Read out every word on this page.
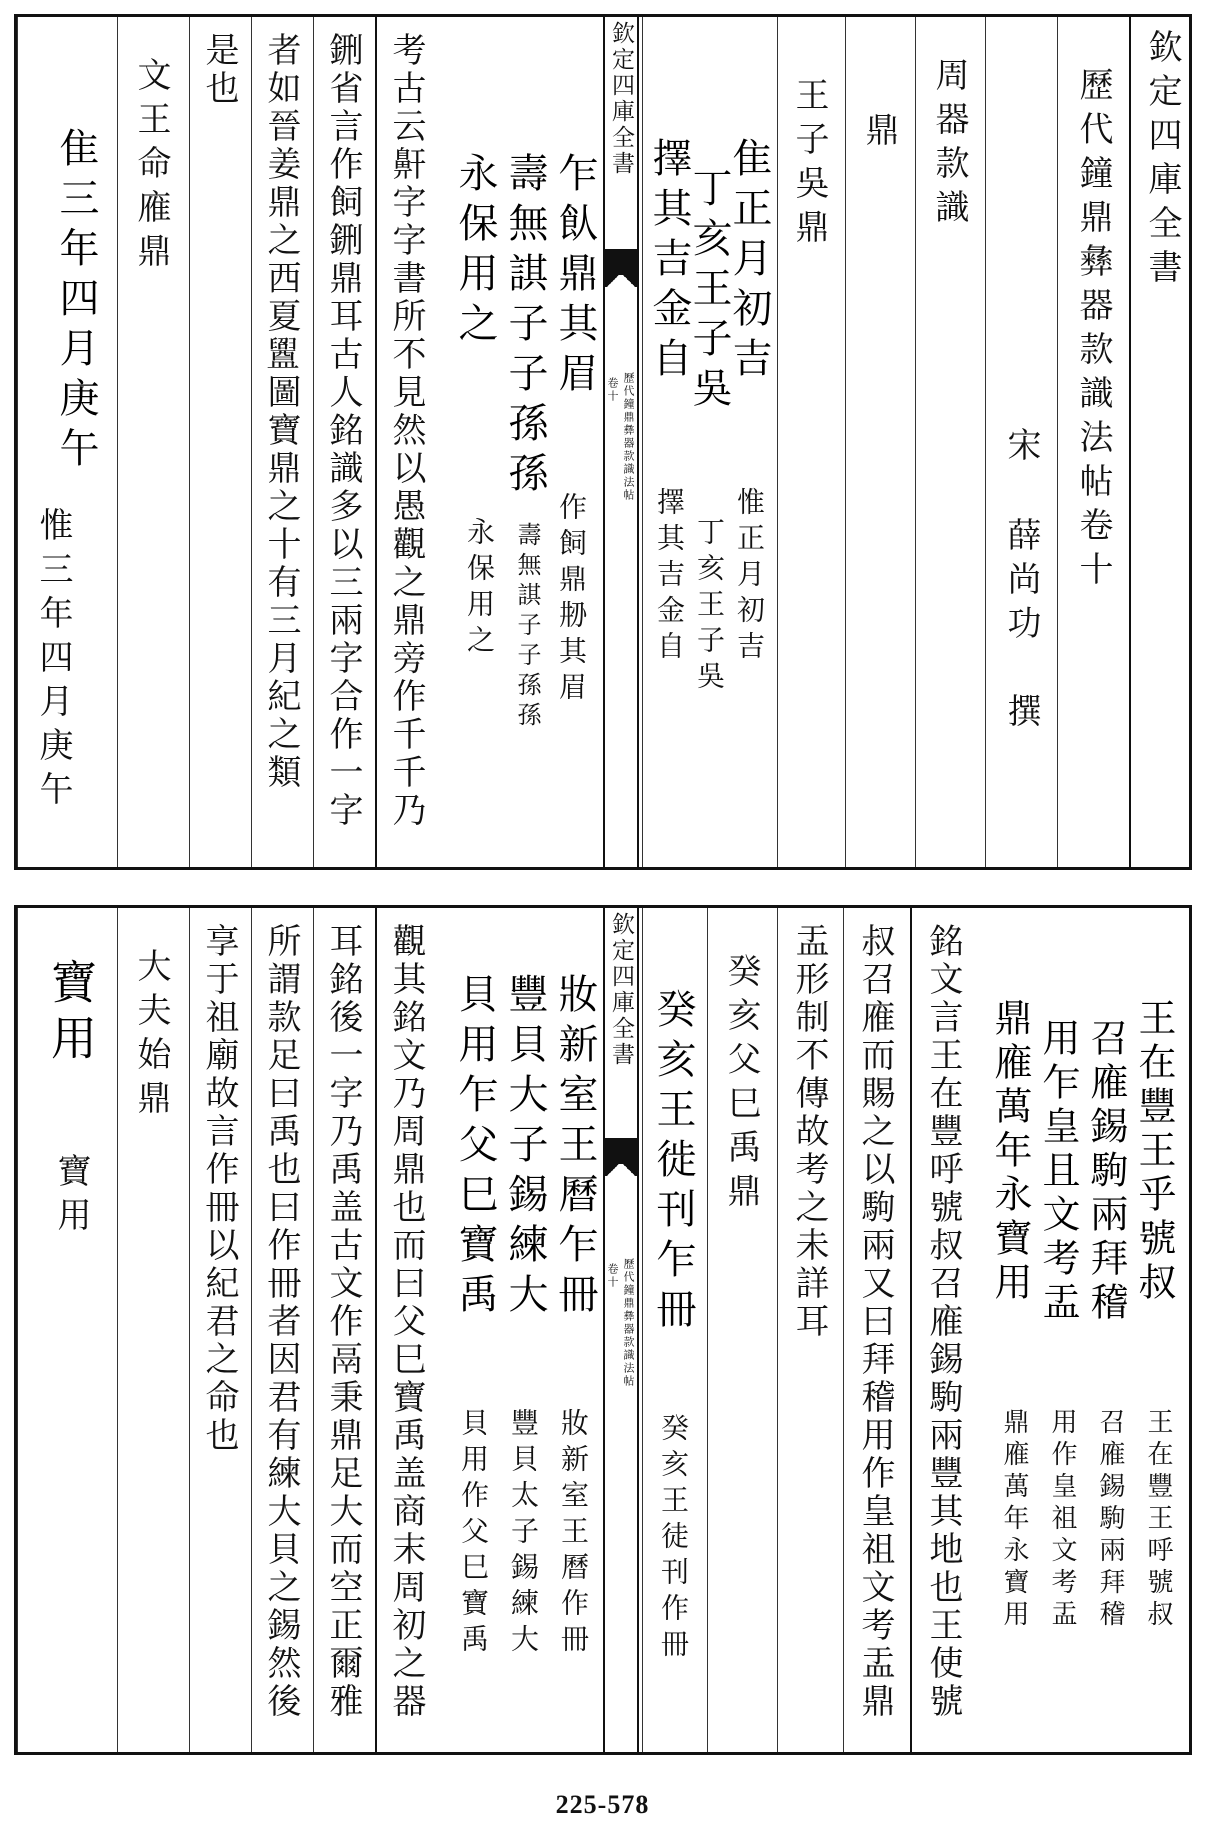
欽定四庫全書
歷代鐘鼎彝器款識法帖卷十
宋
薛尚功　撰
周器款識
鼎
王子吳鼎
隹正月初吉
丁亥王子吳
擇其吉金自
惟正月初吉
丁亥王子吳
擇其吉金自
欽定四庫全書
歷代鐘鼎彝器款識法帖
卷十
乍飤鼎其眉
壽無諆子子孫孫
永保用之
作飼鼎刱其眉
壽無諆子子孫孫
永保用之
考古云鼾字字書所不見然以愚觀之鼎旁作千千乃
鉶省言作飼鉶鼎耳古人銘識多以三兩字合作一字
者如晉姜鼎之西夏𥃝圖寶鼎之十有三月紀之類
是也
文王命䧹鼎
隹三年四月庚午
惟三年四月庚午
王在豐王乎號叔
召䧹錫駒兩拜稽
用乍皇且文考盂
鼎䧹萬年永寶用
王在豐王呼號叔
召䧹錫駒兩拜稽
用作皇祖文考盂
鼎䧹萬年永寶用
銘文言王在豐呼號叔召䧹錫駒兩豐其地也王使號
叔召䧹而賜之以駒兩又曰拜稽用作皇祖文考盂鼎
盂形制不傳故考之未詳耳
癸亥父巳禹鼎
癸亥王徙刊乍冊
癸亥王徒刊作冊
欽定四庫全書
歷代鐘鼎彝器款識法帖
卷十
妝新室王曆乍冊
豐貝大子錫練大
貝用乍父巳寶禹
妝新室王曆作冊
豐貝太子錫練大
貝用作父巳寶禹
觀其銘文乃周鼎也而曰父巳寶禹盖商末周初之器
耳銘後一字乃禹盖古文作鬲秉鼎足大而空正爾雅
所謂款足曰禹也曰作冊者因君有練大貝之錫然後
享于祖廟故言作冊以紀君之命也
大夫始鼎
寶用
寶用
225-578
